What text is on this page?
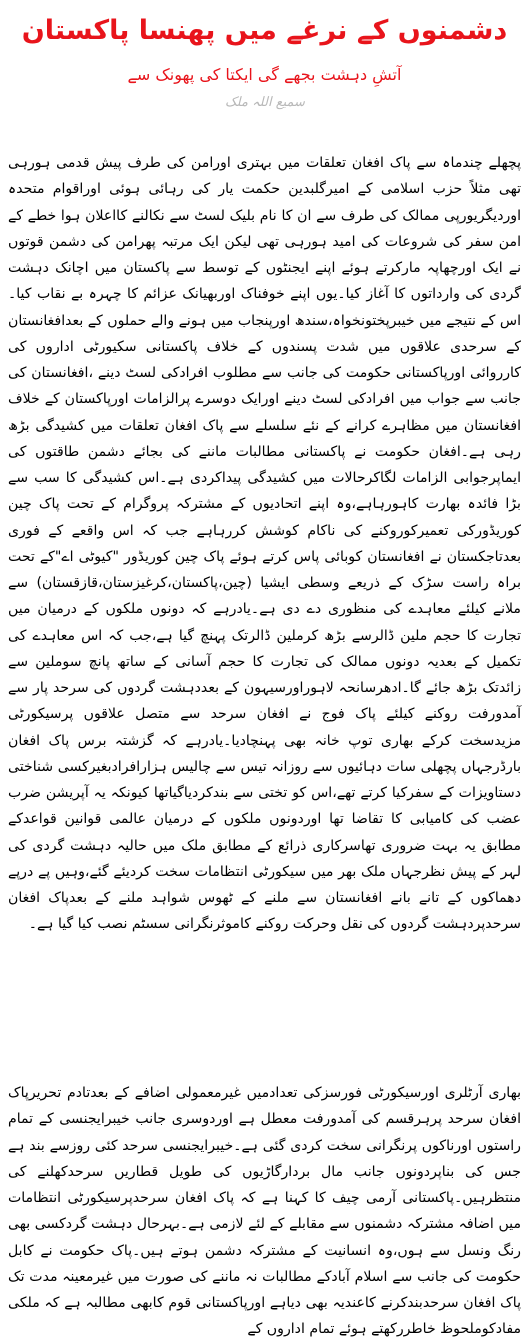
دشمنوں کے نرغے میں پھنسا پاکستان
آتشِ دہشت بجھے گی ایکتا کی پھونک سے
سمیع اللہ ملک

پچھلے چندماہ سے پاک افغان تعلقات میں بہتری اورامن کی طرف پیش قدمی ہورہی تھی مثلاً حزب اسلامی کے امیرگلبدین حکمت یار کی رہائی ہوئی اوراقوام متحدہ اوردیگریورپی ممالک کی طرف سے ان کا نام بلیک لسٹ سے نکالنے کااعلان ہوا خطے کے امن سفر کی شروعات کی امید ہورہی تھی لیکن ایک مرتبہ پھرامن کی دشمن قوتوں نے ایک اورچھاپہ مارکرتے ہوئے اپنے ایجنٹوں کے توسط سے پاکستان میں اچانک دہشت گردی کی وارداتوں کا آغاز کیا۔یوں اپنے خوفناک اوربھیانک عزائم کا چہرہ بے نقاب کیا۔اس کے نتیجے میں خیبرپختونخواہ،سندھ اورپنجاب میں ہونے والے حملوں کے بعدافغانستان کے سرحدی علاقوں میں شدت پسندوں کے خلاف پاکستانی سکیورٹی اداروں کی کارروائی اورپاکستانی حکومت کی جانب سے مطلوب افرادکی لسٹ دینے ،افغانستان کی جانب سے جواب میں افرادکی لسٹ دینے اورایک دوسرے پرالزامات اورپاکستان کے خلاف افغانستان میں مظاہرے کرانے کے نئے سلسلے سے پاک افغان تعلقات میں کشیدگی بڑھ رہی ہے۔افغان حکومت نے پاکستانی مطالبات ماننے کی بجائے دشمن طاقتوں کی ایماپرجوابی الزامات لگاکرحالات میں کشیدگی پیداکردی ہے۔اس کشیدگی کا سب سے بڑا فائدہ بھارت کاہورہاہے،وہ اپنے اتحادیوں کے مشترکہ پروگرام کے تحت پاک چین کوریڈورکی تعمیرکوروکنے کی ناکام کوشش کررہاہے جب کہ اس واقعے کے فوری بعدتاجکستان نے افغانستان کوبائی پاس کرتے ہوئے پاک چین کوریڈور "کیوٹی اے"کے تحت براہ راست سڑک کے ذریعے وسطی ایشیا (چین،پاکستان،کرغیزستان،قازقستان) سے ملانے کیلئے معاہدے کی منظوری دے دی ہے۔یادرہے کہ دونوں ملکوں کے درمیان میں تجارت کا حجم ملین ڈالرسے بڑھ کرملین ڈالرتک پہنچ گیا ہے،جب کہ اس معاہدے کی تکمیل کے بعدیہ دونوں ممالک کی تجارت کا حجم آسانی کے ساتھ پانچ سوملین سے زائدتک بڑھ جائے گا۔ادھرسانحہ لاہوراورسیہون کے بعددہشت گردوں کی سرحد پار سے آمدورفت روکنے کیلئے پاک فوج نے افغان سرحد سے متصل علاقوں پرسیکورٹی مزیدسخت کرکے بھاری توپ خانہ بھی پہنچادیا۔یادرہے کہ گزشتہ برس پاک افغان بارڈرجہاں پچھلی سات دہائیوں سے روزانہ تیس سے چالیس ہزارافرادبغیرکسی شناختی دستاویزات کے سفرکیا کرتے تھے،اس کو تختی سے بندکردیاگیاتھا کیونکہ یہ آپریشن ضرب عضب کی کامیابی کا تقاضا تھا اوردونوں ملکوں کے درمیان عالمی قوانین قواعدکے مطابق یہ بہت ضروری تھاسرکاری ذرائع کے مطابق ملک میں حالیہ دہشت گردی کی لہر کے پیش نظرجہاں ملک بھر میں سیکورٹی انتظامات سخت کردیئے گئے،وہیں پے درپے دھماکوں کے تانے بانے افغانستان سے ملنے کے ٹھوس شواہد ملنے کے بعدپاک افغان سرحدپردہشت گردوں کی نقل وحرکت روکنے کاموثرنگرانی سسٹم نصب کیا گیا ہے۔

بھاری آرٹلری اورسیکورٹی فورسزکی تعدادمیں غیرمعمولی اضافے کے بعدتادم تحریرپاک افغان سرحد پرہرقسم کی آمدورفت معطل ہے اوردوسری جانب خیبرایجنسی کے تمام راستوں اورناکوں پرنگرانی سخت کردی گئی ہے۔خیبرایجنسی سرحد کئی روزسے بند ہے جس کی بناپردونوں جانب مال بردارگاڑیوں کی طویل قطاریں سرحدکھلنے کی منتظرہیں۔پاکستانی آرمی چیف کا کہنا ہے کہ پاک افغان سرحدپرسیکورٹی انتظامات میں اضافہ مشترکہ دشمنوں سے مقابلے کے لئے لازمی ہے۔بہرحال دہشت گردکسی بھی رنگ ونسل سے ہوں،وہ انسانیت کے مشترکہ دشمن ہوتے ہیں۔پاک حکومت نے کابل حکومت کی جانب سے اسلام آبادکے مطالبات نہ ماننے کی صورت میں غیرمعینہ مدت تک پاک افغان سرحدبندکرنے کاعندیہ بھی دیاہے اورپاکستانی قوم کابھی مطالبہ ہے کہ ملکی مفادکوملحوظ خاطررکھتے ہوئے تمام اداروں کے
